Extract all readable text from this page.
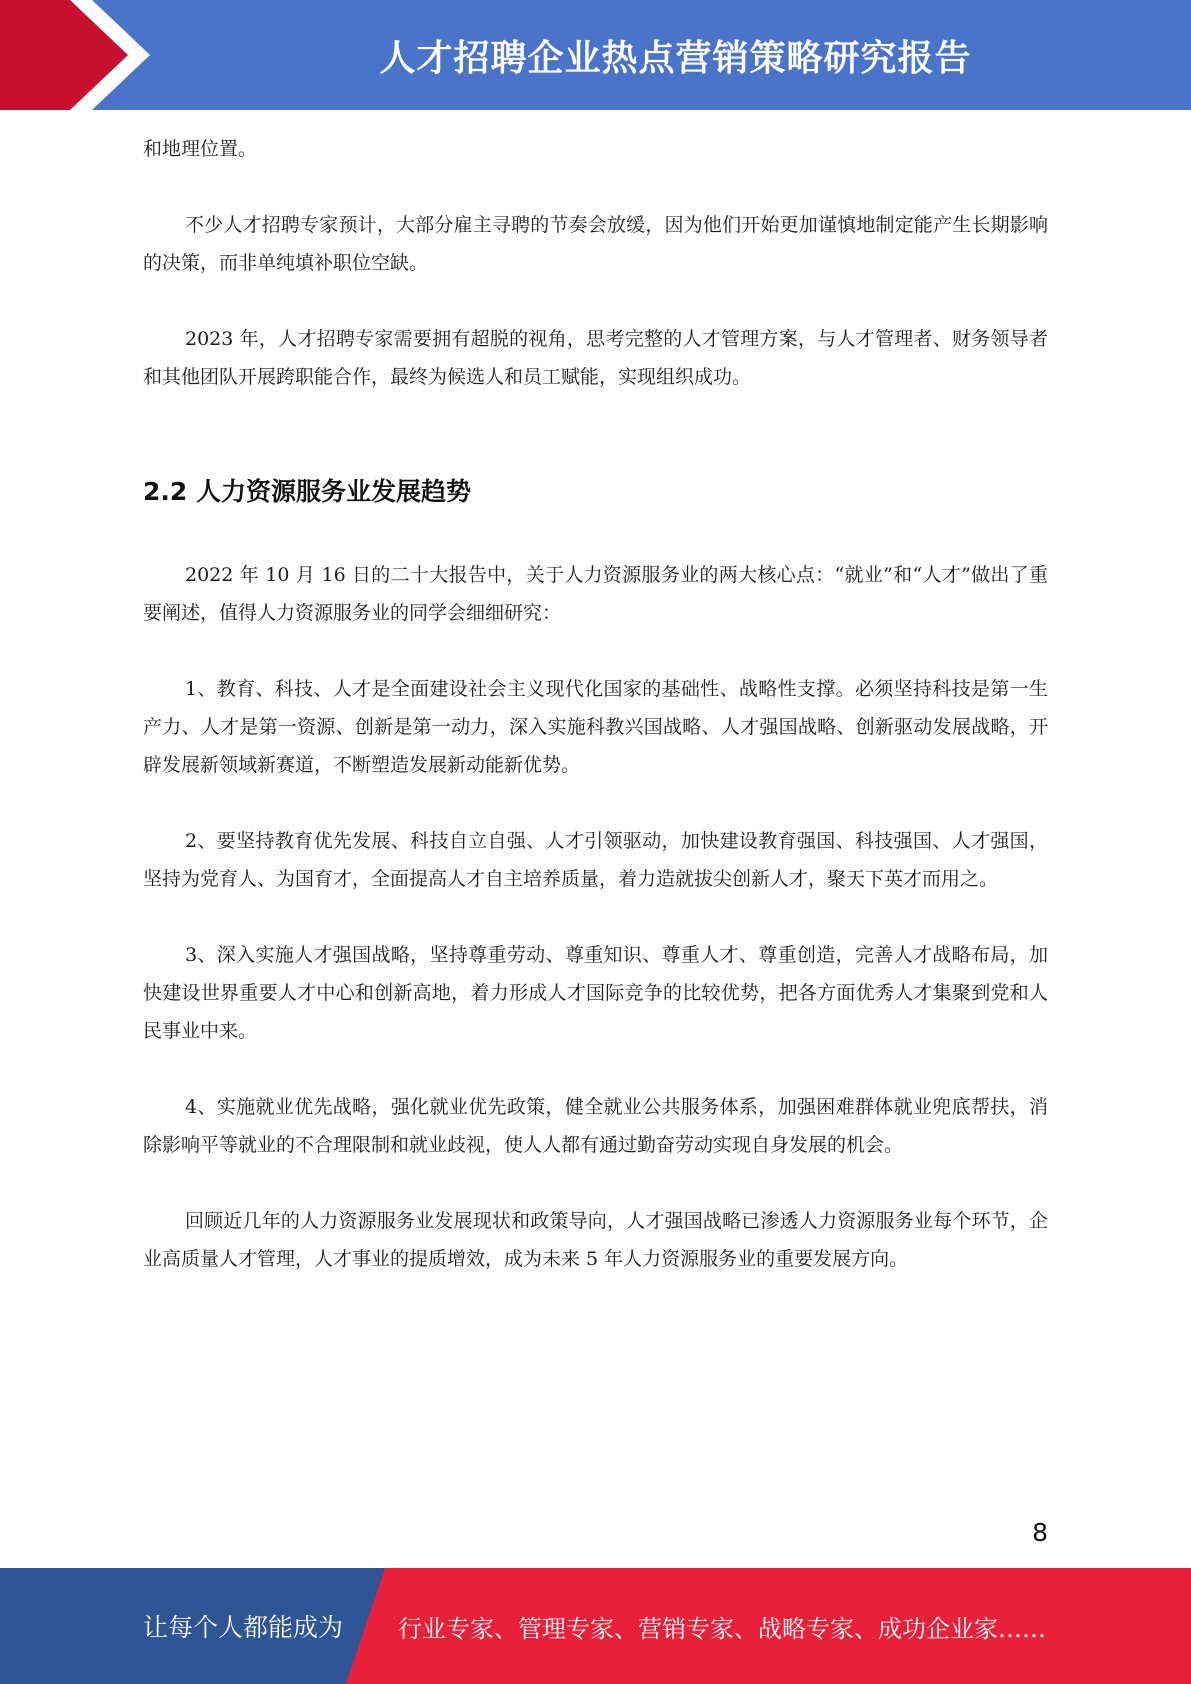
人才招聘企业热点营销策略研究报告

和地理位置。

不少人才招聘专家预计，大部分雇主寻聘的节奏会放缓，因为他们开始更加谨慎地制定能产生长期影响的决策，而非单纯填补职位空缺。

2023 年，人才招聘专家需要拥有超脱的视角，思考完整的人才管理方案，与人才管理者、财务领导者和其他团队开展跨职能合作，最终为候选人和员工赋能，实现组织成功。

2.2 人力资源服务业发展趋势

2022 年 10 月 16 日的二十大报告中，关于人力资源服务业的两大核心点：“就业”和“人才”做出了重要阐述，值得人力资源服务业的同学会细细研究：

1、教育、科技、人才是全面建设社会主义现代化国家的基础性、战略性支撑。必须坚持科技是第一生产力、人才是第一资源、创新是第一动力，深入实施科教兴国战略、人才强国战略、创新驱动发展战略，开辟发展新领域新赛道，不断塑造发展新动能新优势。

2、要坚持教育优先发展、科技自立自强、人才引领驱动，加快建设教育强国、科技强国、人才强国，坚持为党育人、为国育才，全面提高人才自主培养质量，着力造就拔尖创新人才，聚天下英才而用之。

3、深入实施人才强国战略，坚持尊重劳动、尊重知识、尊重人才、尊重创造，完善人才战略布局，加快建设世界重要人才中心和创新高地，着力形成人才国际竞争的比较优势，把各方面优秀人才集聚到党和人民事业中来。

4、实施就业优先战略，强化就业优先政策，健全就业公共服务体系，加强困难群体就业兜底帮扶，消除影响平等就业的不合理限制和就业歧视，使人人都有通过勤奋劳动实现自身发展的机会。

回顾近几年的人力资源服务业发展现状和政策导向，人才强国战略已渗透人力资源服务业每个环节，企业高质量人才管理，人才事业的提质增效，成为未来 5 年人力资源服务业的重要发展方向。

8
让每个人都能成为 行业专家、管理专家、营销专家、战略专家、成功企业家……
